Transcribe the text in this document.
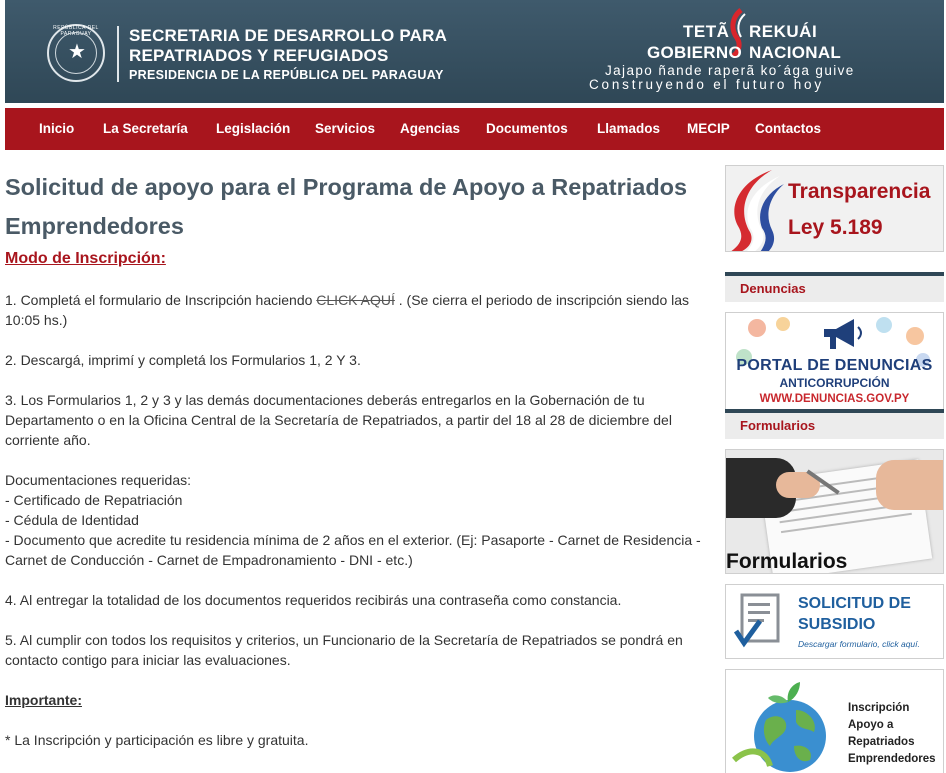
REPÚBLICA DEL PARAGUAY
★
SECRETARIA DE DESARROLLO PARA
REPATRIADOS Y REFUGIADOS
PRESIDENCIA DE LA REPÚBLICA DEL PARAGUAY
TETÃ REKUÁI
GOBIERNO NACIONAL
Jajapo ñande raperã ko´ága guive
Construyendo el futuro hoy
Inicio La Secretaría Legislación Servicios Agencias Documentos Llamados MECIP Contactos
Solicitud de apoyo para el Programa de Apoyo a Repatriados Emprendedores
Modo de Inscripción:
1. Completá el formulario de Inscripción haciendo CLICK AQUÍ . (Se cierra el periodo de inscripción siendo las 10:05 hs.)
2. Descargá, imprimí y completá los Formularios 1, 2 Y 3.
3. Los Formularios 1, 2 y 3 y las demás documentaciones deberás entregarlos en la Gobernación de tu Departamento o en la Oficina Central de la Secretaría de Repatriados, a partir del 18 al 28 de diciembre del corriente año.
Documentaciones requeridas:
- Certificado de Repatriación
- Cédula de Identidad
- Documento que acredite tu residencia mínima de 2 años en el exterior. (Ej: Pasaporte - Carnet de Residencia - Carnet de Conducción - Carnet de Empadronamiento - DNI - etc.)
4. Al entregar la totalidad de los documentos requeridos recibirás una contraseña como constancia.
5. Al cumplir con todos los requisitos y criterios, un Funcionario de la Secretaría de Repatriados se pondrá en contacto contigo para iniciar las evaluaciones.
Importante:
* La Inscripción y participación es libre y gratuita.
Transparencia
Ley 5.189
Denuncias
PORTAL DE DENUNCIAS
ANTICORRUPCIÓN
WWW.DENUNCIAS.GOV.PY
Formularios
Formularios
SOLICITUD DE
SUBSIDIO
Descargar formulario, click aquí.
Inscripción
Apoyo a
Repatriados
Emprendedores
